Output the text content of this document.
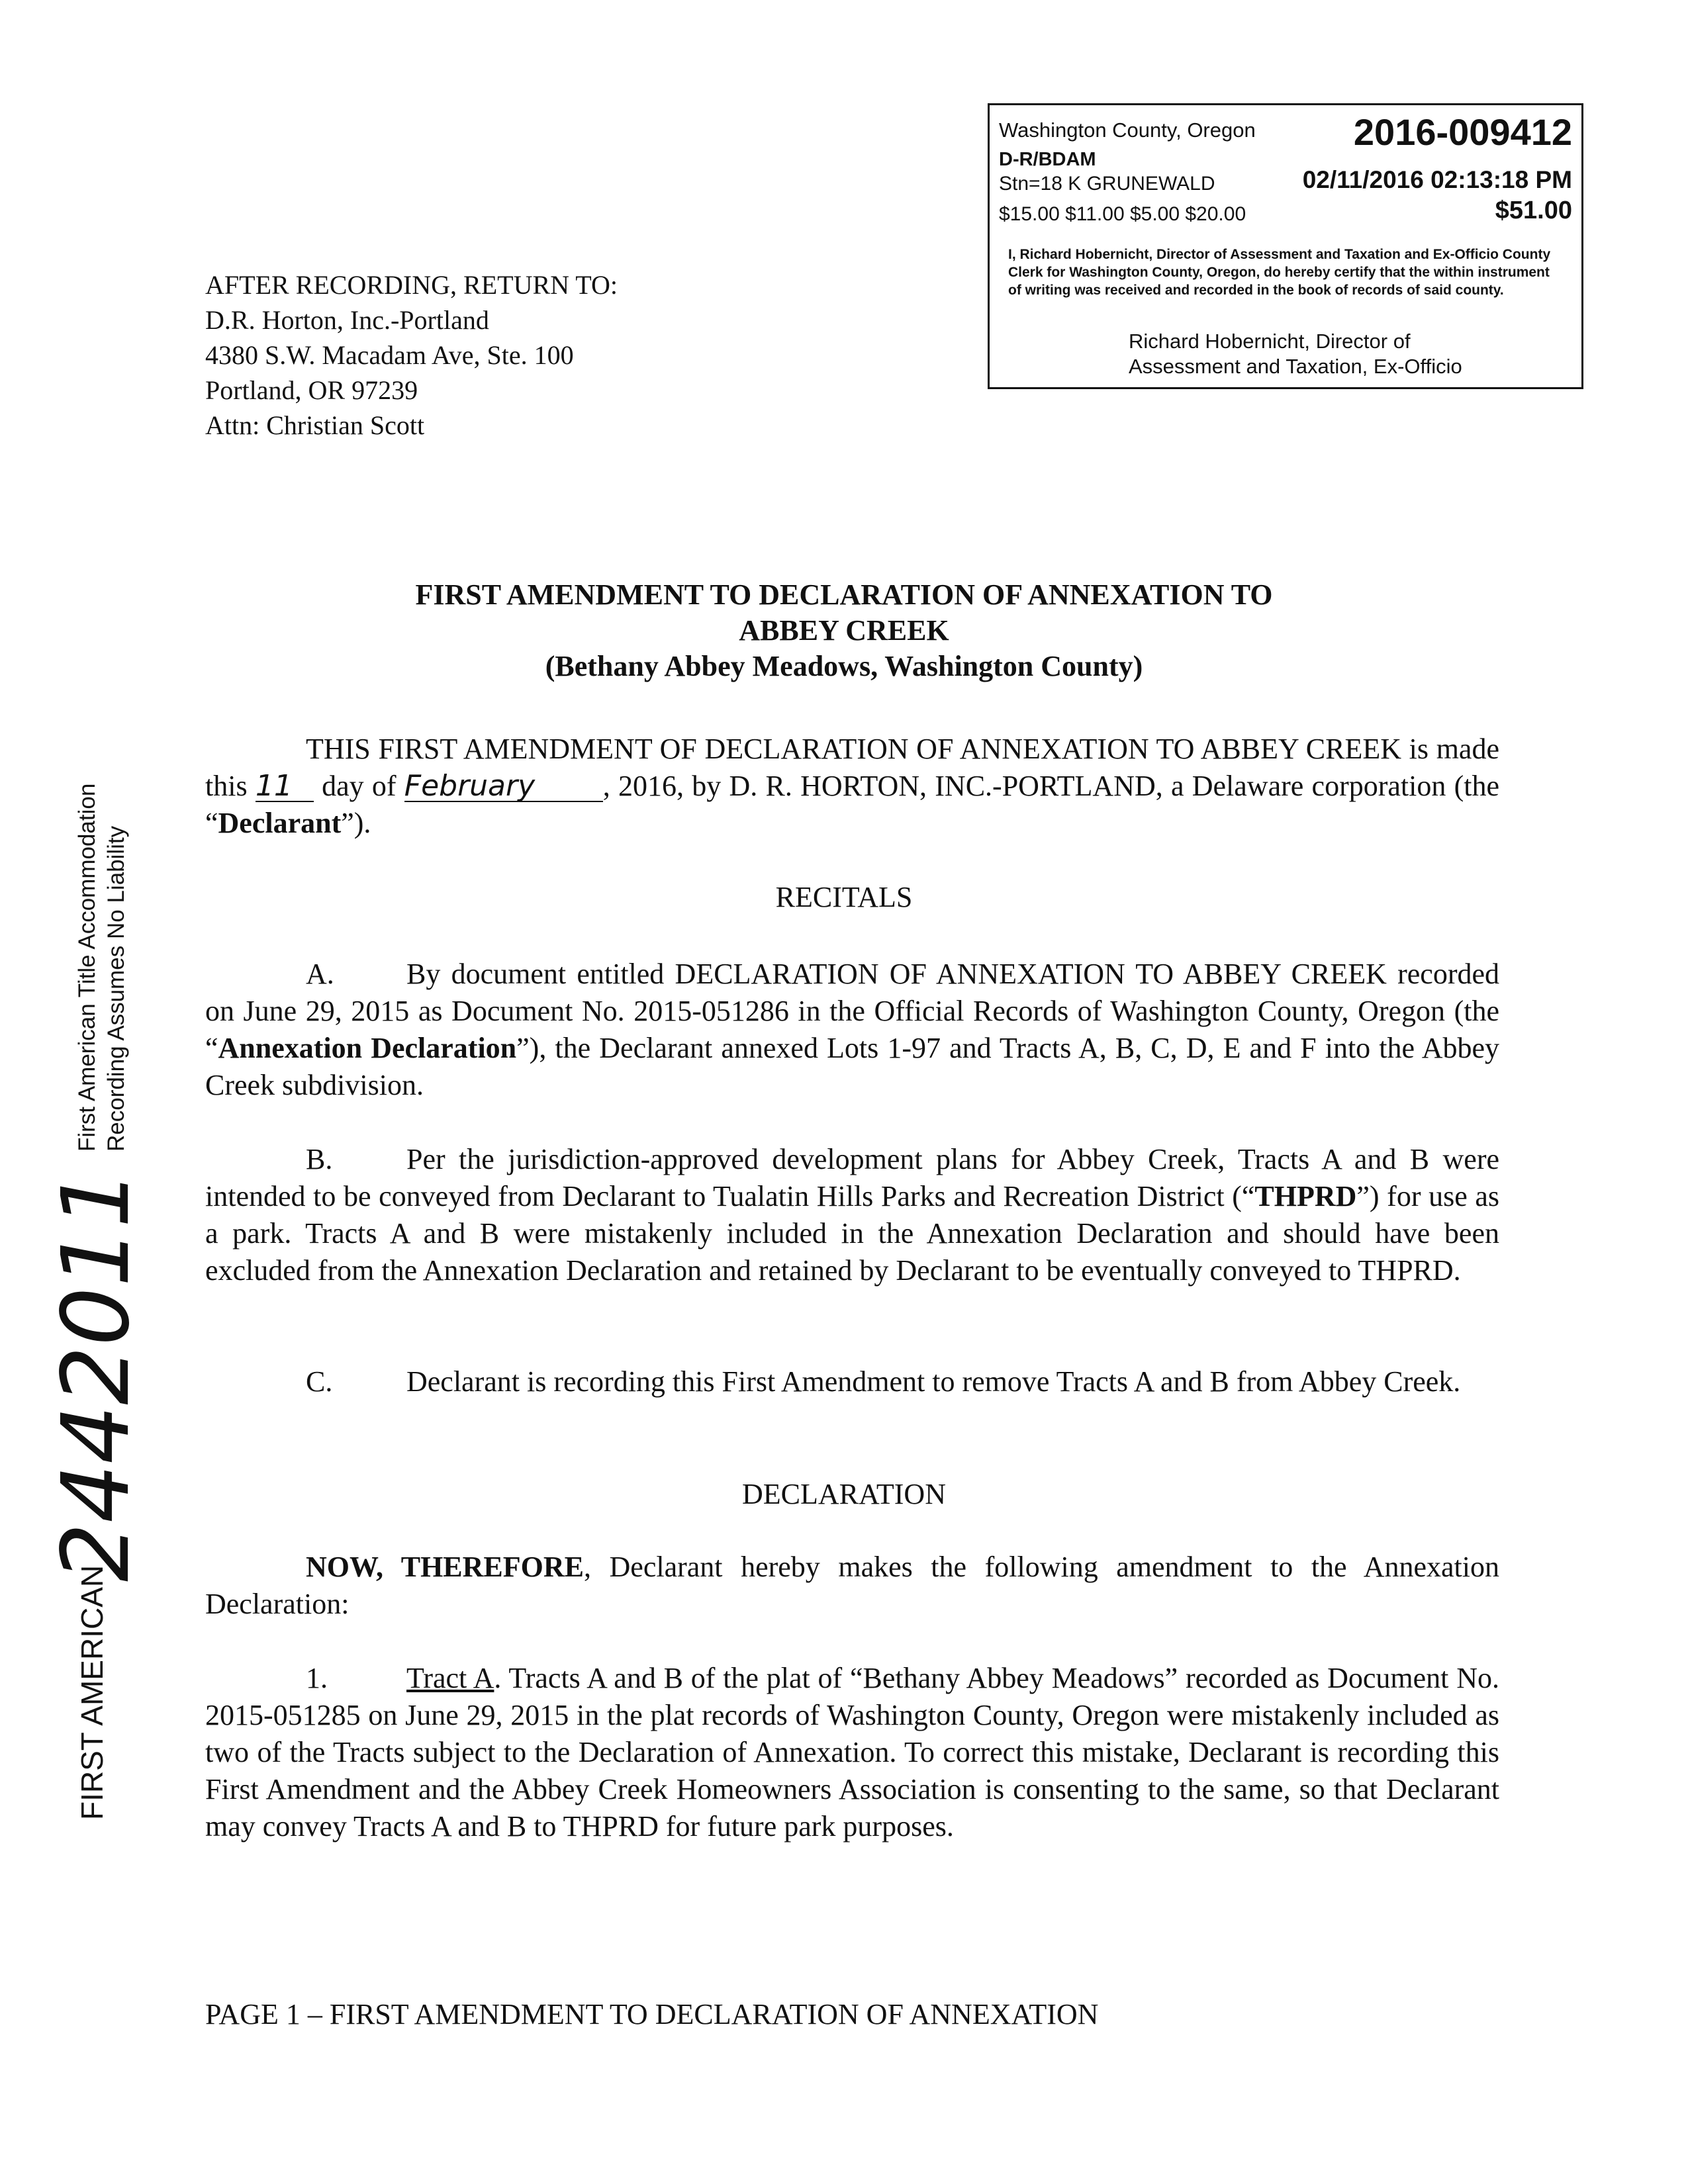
Washington County, Oregon	2016-009412
D-R/BDAM
Stn=18 K GRUNEWALD	02/11/2016 02:13:18 PM
$15.00 $11.00 $5.00 $20.00	$51.00
I, Richard Hobernicht, Director of Assessment and Taxation and Ex-Officio County Clerk for Washington County, Oregon, do hereby certify that the within instrument of writing was received and recorded in the book of records of said county.
Richard Hobernicht, Director of
Assessment and Taxation, Ex-Officio
AFTER RECORDING, RETURN TO:
D.R. Horton, Inc.-Portland
4380 S.W. Macadam Ave, Ste. 100
Portland, OR 97239
Attn: Christian Scott
FIRST AMENDMENT TO DECLARATION OF ANNEXATION TO
ABBEY CREEK
(Bethany Abbey Meadows, Washington County)
THIS FIRST AMENDMENT OF DECLARATION OF ANNEXATION TO ABBEY CREEK is made this 11 day of February , 2016, by D. R. HORTON, INC.-PORTLAND, a Delaware corporation (the “Declarant”).
RECITALS
A. By document entitled DECLARATION OF ANNEXATION TO ABBEY CREEK recorded on June 29, 2015 as Document No. 2015-051286 in the Official Records of Washington County, Oregon (the “Annexation Declaration”), the Declarant annexed Lots 1-97 and Tracts A, B, C, D, E and F into the Abbey Creek subdivision.
B.	Per the jurisdiction-approved development plans for Abbey Creek, Tracts A and B were intended to be conveyed from Declarant to Tualatin Hills Parks and Recreation District (“THPRD”) for use as a park. Tracts A and B were mistakenly included in the Annexation Declaration and should have been excluded from the Annexation Declaration and retained by Declarant to be eventually conveyed to THPRD.
C.	Declarant is recording this First Amendment to remove Tracts A and B from Abbey Creek.
DECLARATION
NOW, THEREFORE, Declarant hereby makes the following amendment to the Annexation Declaration:
1.	Tract A. Tracts A and B of the plat of “Bethany Abbey Meadows” recorded as Document No. 2015-051285 on June 29, 2015 in the plat records of Washington County, Oregon were mistakenly included as two of the Tracts subject to the Declaration of Annexation. To correct this mistake, Declarant is recording this First Amendment and the Abbey Creek Homeowners Association is consenting to the same, so that Declarant may convey Tracts A and B to THPRD for future park purposes.
PAGE 1 – FIRST AMENDMENT TO DECLARATION OF ANNEXATION
First American Title Accommodation Recording Assumes No Liability
FIRST AMERICAN
2442011
